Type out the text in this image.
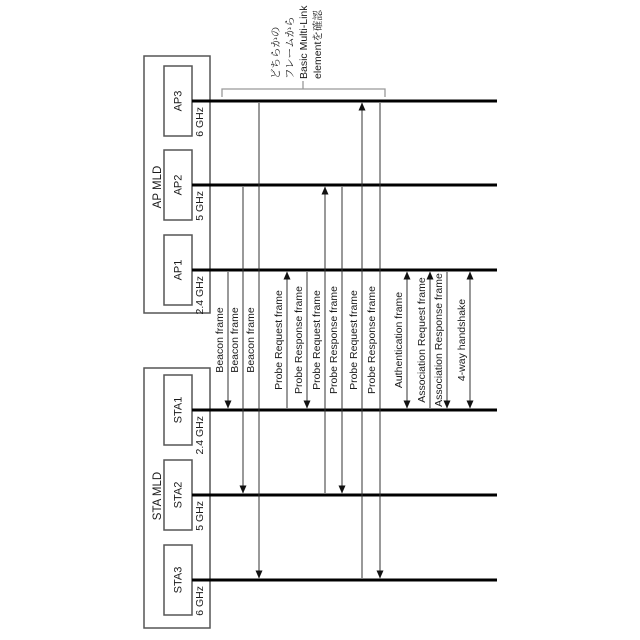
AP MLD
AP3
6 GHz
AP2
5 GHz
AP1
2.4 GHz
STA MLD
STA1
2.4 GHz
STA2
5 GHz
STA3
6 GHz
Beacon frame Beacon frame Beacon frame Probe Request frame Probe Response frame Probe Request frame Probe Response frame Probe Request frame Probe Response frame Authentication frame Association Request frame Association Response frame 4-way handshake
どちらかの フレームから Basic Multi-Link elementを確認
